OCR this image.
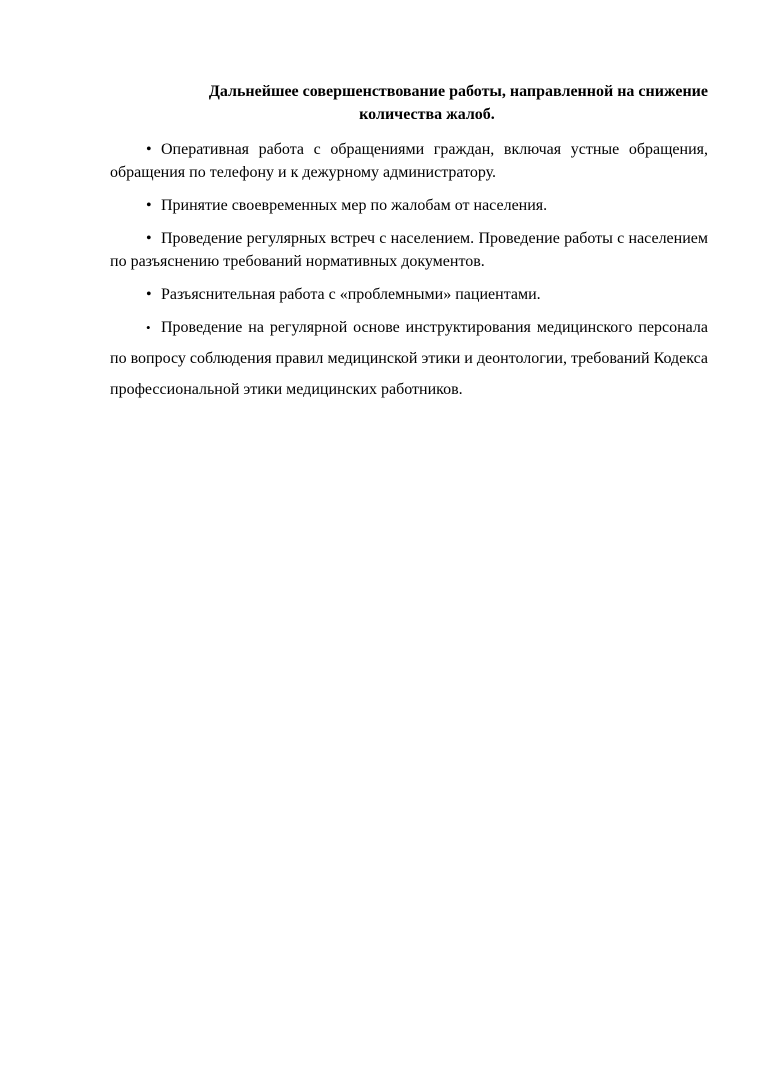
Дальнейшее совершенствование работы, направленной на снижение
количества жалоб.

• Оперативная работа с обращениями граждан, включая устные обращения, обращения по телефону и к дежурному администратору.

• Принятие своевременных мер по жалобам от населения.

• Проведение регулярных встреч с населением. Проведение работы с населением по разъяснению требований нормативных документов.

• Разъяснительная работа с «проблемными» пациентами.

• Проведение на регулярной основе инструктирования медицинского персонала по вопросу соблюдения правил медицинской этики и деонтологии, требований Кодекса профессиональной этики медицинских работников.
